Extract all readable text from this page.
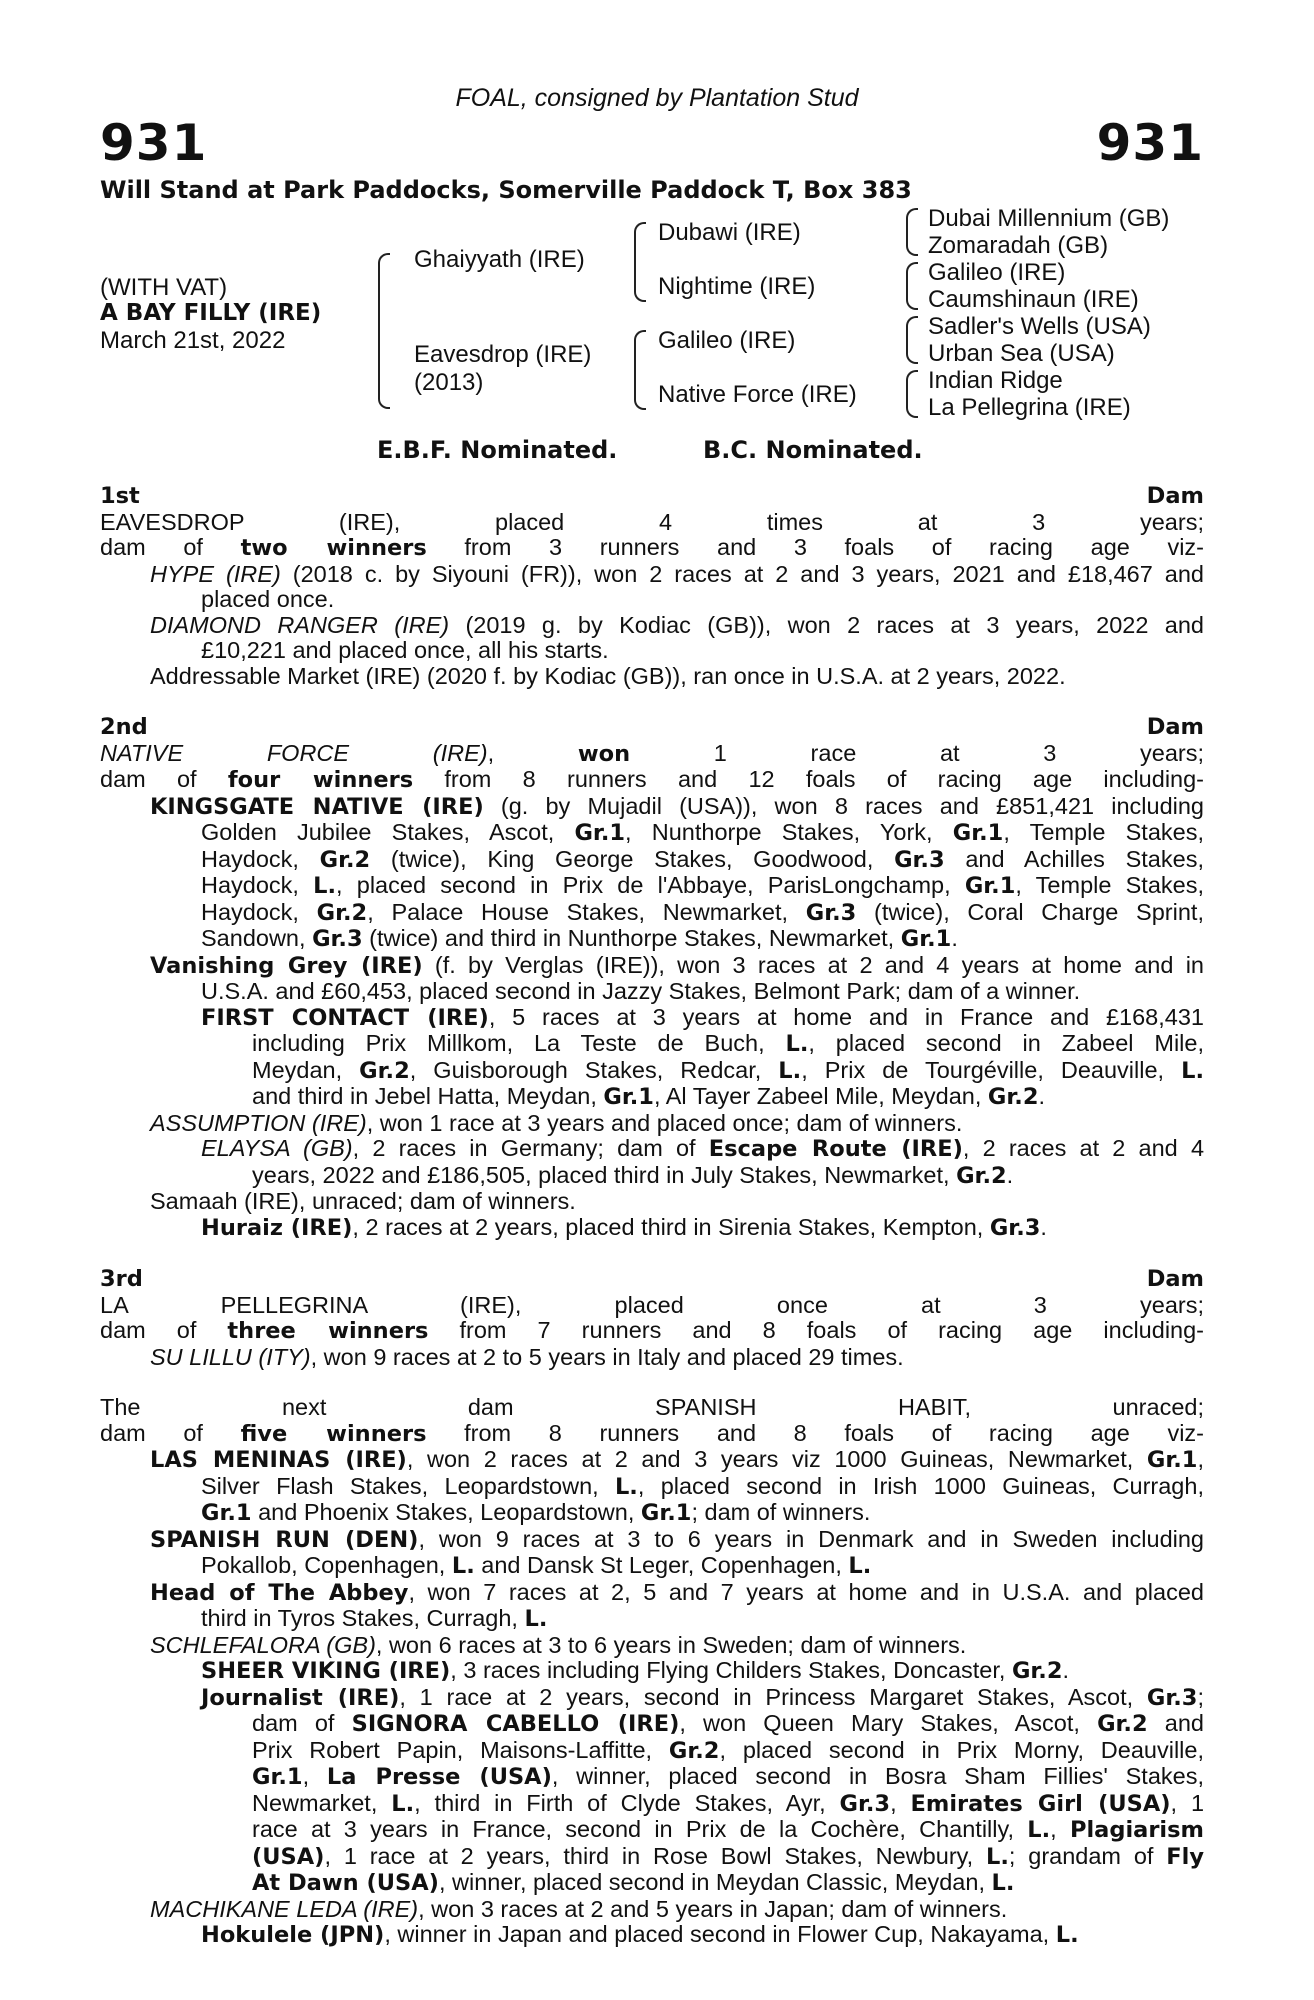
FOAL, consigned by Plantation Stud
931	931
Will Stand at Park Paddocks, Somerville Paddock T, Box 383
(WITH VAT)
A BAY FILLY (IRE)
March 21st, 2022
Ghaiyyath (IRE)
Eavesdrop (IRE)
(2013)
Dubawi (IRE)
Nightime (IRE)
Galileo (IRE)
Native Force (IRE)
Dubai Millennium (GB)
Zomaradah (GB)
Galileo (IRE)
Caumshinaun (IRE)
Sadler's Wells (USA)
Urban Sea (USA)
Indian Ridge
La Pellegrina (IRE)
E.B.F. Nominated.	B.C. Nominated.
1st Dam
EAVESDROP (IRE), placed 4 times at 3 years;
dam of two winners from 3 runners and 3 foals of racing age viz-
HYPE (IRE) (2018 c. by Siyouni (FR)), won 2 races at 2 and 3 years, 2021 and £18,467 and
placed once.
DIAMOND RANGER (IRE) (2019 g. by Kodiac (GB)), won 2 races at 3 years, 2022 and
£10,221 and placed once, all his starts.
Addressable Market (IRE) (2020 f. by Kodiac (GB)), ran once in U.S.A. at 2 years, 2022.
2nd Dam
NATIVE FORCE (IRE), won 1 race at 3 years;
dam of four winners from 8 runners and 12 foals of racing age including-
KINGSGATE NATIVE (IRE) (g. by Mujadil (USA)), won 8 races and £851,421 including
Golden Jubilee Stakes, Ascot, Gr.1, Nunthorpe Stakes, York, Gr.1, Temple Stakes,
Haydock, Gr.2 (twice), King George Stakes, Goodwood, Gr.3 and Achilles Stakes,
Haydock, L., placed second in Prix de l'Abbaye, ParisLongchamp, Gr.1, Temple Stakes,
Haydock, Gr.2, Palace House Stakes, Newmarket, Gr.3 (twice), Coral Charge Sprint,
Sandown, Gr.3 (twice) and third in Nunthorpe Stakes, Newmarket, Gr.1.
Vanishing Grey (IRE) (f. by Verglas (IRE)), won 3 races at 2 and 4 years at home and in
U.S.A. and £60,453, placed second in Jazzy Stakes, Belmont Park; dam of a winner.
FIRST CONTACT (IRE), 5 races at 3 years at home and in France and £168,431
including Prix Millkom, La Teste de Buch, L., placed second in Zabeel Mile,
Meydan, Gr.2, Guisborough Stakes, Redcar, L., Prix de Tourgéville, Deauville, L.
and third in Jebel Hatta, Meydan, Gr.1, Al Tayer Zabeel Mile, Meydan, Gr.2.
ASSUMPTION (IRE), won 1 race at 3 years and placed once; dam of winners.
ELAYSA (GB), 2 races in Germany; dam of Escape Route (IRE), 2 races at 2 and 4
years, 2022 and £186,505, placed third in July Stakes, Newmarket, Gr.2.
Samaah (IRE), unraced; dam of winners.
Huraiz (IRE), 2 races at 2 years, placed third in Sirenia Stakes, Kempton, Gr.3.
3rd Dam
LA PELLEGRINA (IRE), placed once at 3 years;
dam of three winners from 7 runners and 8 foals of racing age including-
SU LILLU (ITY), won 9 races at 2 to 5 years in Italy and placed 29 times.
The next dam SPANISH HABIT, unraced;
dam of five winners from 8 runners and 8 foals of racing age viz-
LAS MENINAS (IRE), won 2 races at 2 and 3 years viz 1000 Guineas, Newmarket, Gr.1,
Silver Flash Stakes, Leopardstown, L., placed second in Irish 1000 Guineas, Curragh,
Gr.1 and Phoenix Stakes, Leopardstown, Gr.1; dam of winners.
SPANISH RUN (DEN), won 9 races at 3 to 6 years in Denmark and in Sweden including
Pokallob, Copenhagen, L. and Dansk St Leger, Copenhagen, L.
Head of The Abbey, won 7 races at 2, 5 and 7 years at home and in U.S.A. and placed
third in Tyros Stakes, Curragh, L.
SCHLEFALORA (GB), won 6 races at 3 to 6 years in Sweden; dam of winners.
SHEER VIKING (IRE), 3 races including Flying Childers Stakes, Doncaster, Gr.2.
Journalist (IRE), 1 race at 2 years, second in Princess Margaret Stakes, Ascot, Gr.3;
dam of SIGNORA CABELLO (IRE), won Queen Mary Stakes, Ascot, Gr.2 and
Prix Robert Papin, Maisons-Laffitte, Gr.2, placed second in Prix Morny, Deauville,
Gr.1, La Presse (USA), winner, placed second in Bosra Sham Fillies' Stakes,
Newmarket, L., third in Firth of Clyde Stakes, Ayr, Gr.3, Emirates Girl (USA), 1
race at 3 years in France, second in Prix de la Cochère, Chantilly, L., Plagiarism
(USA), 1 race at 2 years, third in Rose Bowl Stakes, Newbury, L.; grandam of Fly
At Dawn (USA), winner, placed second in Meydan Classic, Meydan, L.
MACHIKANE LEDA (IRE), won 3 races at 2 and 5 years in Japan; dam of winners.
Hokulele (JPN), winner in Japan and placed second in Flower Cup, Nakayama, L.
